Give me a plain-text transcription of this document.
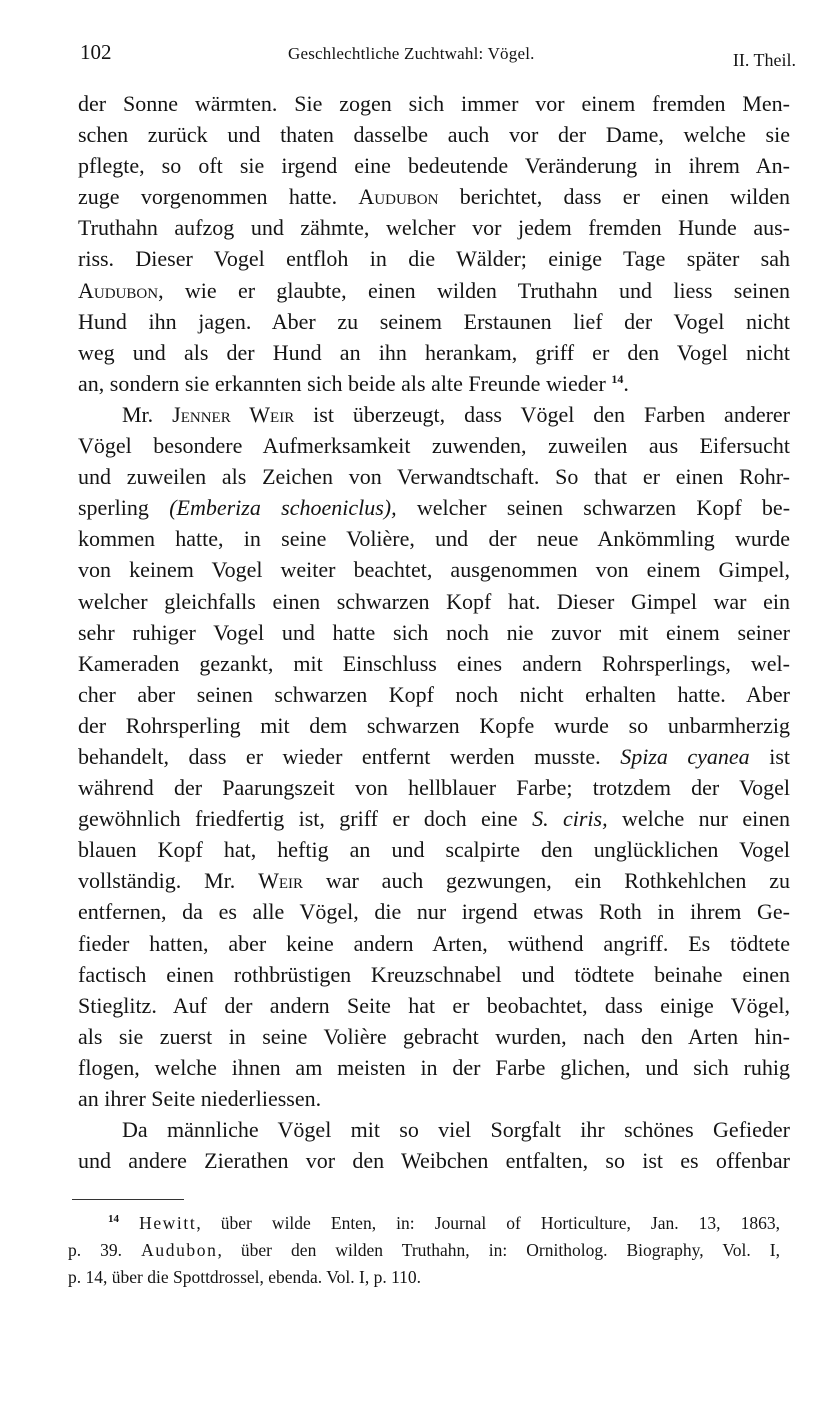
102	Geschlechtliche Zuchtwahl: Vögel.	II. Theil.
der Sonne wärmten. Sie zogen sich immer vor einem fremden Men-
schen zurück und thaten dasselbe auch vor der Dame, welche sie
pflegte, so oft sie irgend eine bedeutende Veränderung in ihrem An-
zuge vorgenommen hatte. Audubon berichtet, dass er einen wilden
Truthahn aufzog und zähmte, welcher vor jedem fremden Hunde aus-
riss. Dieser Vogel entfloh in die Wälder; einige Tage später sah
Audubon, wie er glaubte, einen wilden Truthahn und liess seinen
Hund ihn jagen. Aber zu seinem Erstaunen lief der Vogel nicht
weg und als der Hund an ihn herankam, griff er den Vogel nicht
an, sondern sie erkannten sich beide als alte Freunde wieder $^{14}$.
Mr. Jenner Weir ist überzeugt, dass Vögel den Farben anderer
Vögel besondere Aufmerksamkeit zuwenden, zuweilen aus Eifersucht
und zuweilen als Zeichen von Verwandtschaft. So that er einen Rohr-
sperling (Emberiza schoeniclus), welcher seinen schwarzen Kopf be-
kommen hatte, in seine Volière, und der neue Ankömmling wurde
von keinem Vogel weiter beachtet, ausgenommen von einem Gimpel,
welcher gleichfalls einen schwarzen Kopf hat. Dieser Gimpel war ein
sehr ruhiger Vogel und hatte sich noch nie zuvor mit einem seiner
Kameraden gezankt, mit Einschluss eines andern Rohrsperlings, wel-
cher aber seinen schwarzen Kopf noch nicht erhalten hatte. Aber
der Rohrsperling mit dem schwarzen Kopfe wurde so unbarmherzig
behandelt, dass er wieder entfernt werden musste. Spiza cyanea ist
während der Paarungszeit von hellblauer Farbe; trotzdem der Vogel
gewöhnlich friedfertig ist, griff er doch eine S. ciris, welche nur einen
blauen Kopf hat, heftig an und scalpirte den unglücklichen Vogel
vollständig. Mr. Weir war auch gezwungen, ein Rothkehlchen zu
entfernen, da es alle Vögel, die nur irgend etwas Roth in ihrem Ge-
fieder hatten, aber keine andern Arten, wüthend angriff. Es tödtete
factisch einen rothbrüstigen Kreuzschnabel und tödtete beinahe einen
Stieglitz. Auf der andern Seite hat er beobachtet, dass einige Vögel,
als sie zuerst in seine Volière gebracht wurden, nach den Arten hin-
flogen, welche ihnen am meisten in der Farbe glichen, und sich ruhig
an ihrer Seite niederliessen.
Da männliche Vögel mit so viel Sorgfalt ihr schönes Gefieder
und andere Zierathen vor den Weibchen entfalten, so ist es offenbar
$^{14}$ Hewitt, über wilde Enten, in: Journal of Horticulture, Jan. 13, 1863,
p. 39. Audubon, über den wilden Truthahn, in: Ornitholog. Biography, Vol. I,
p. 14, über die Spottdrossel, ebenda. Vol. I, p. 110.
